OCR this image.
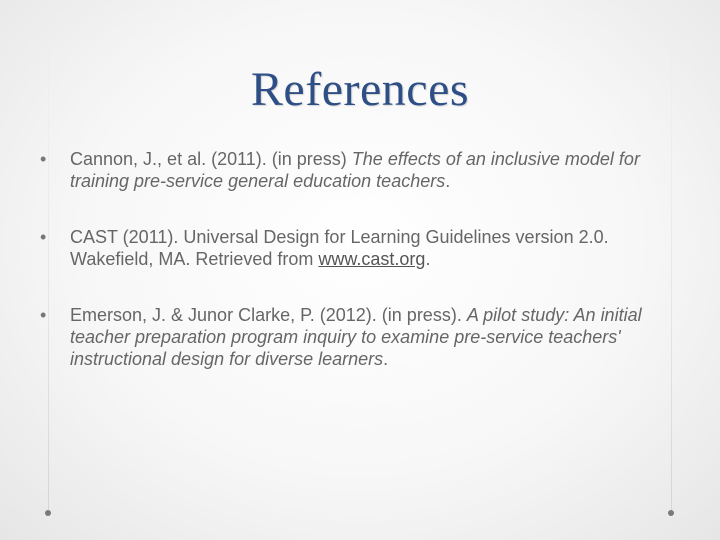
References
•	Cannon, J., et al. (2011). (in press) The effects of an inclusive model for training pre-service general education teachers.
•	CAST (2011). Universal Design for Learning Guidelines version 2.0. Wakefield, MA. Retrieved from www.cast.org.
•	Emerson, J. & Junor Clarke, P. (2012). (in press). A pilot study: An initial teacher preparation program inquiry to examine pre-service teachers' instructional design for diverse learners.
